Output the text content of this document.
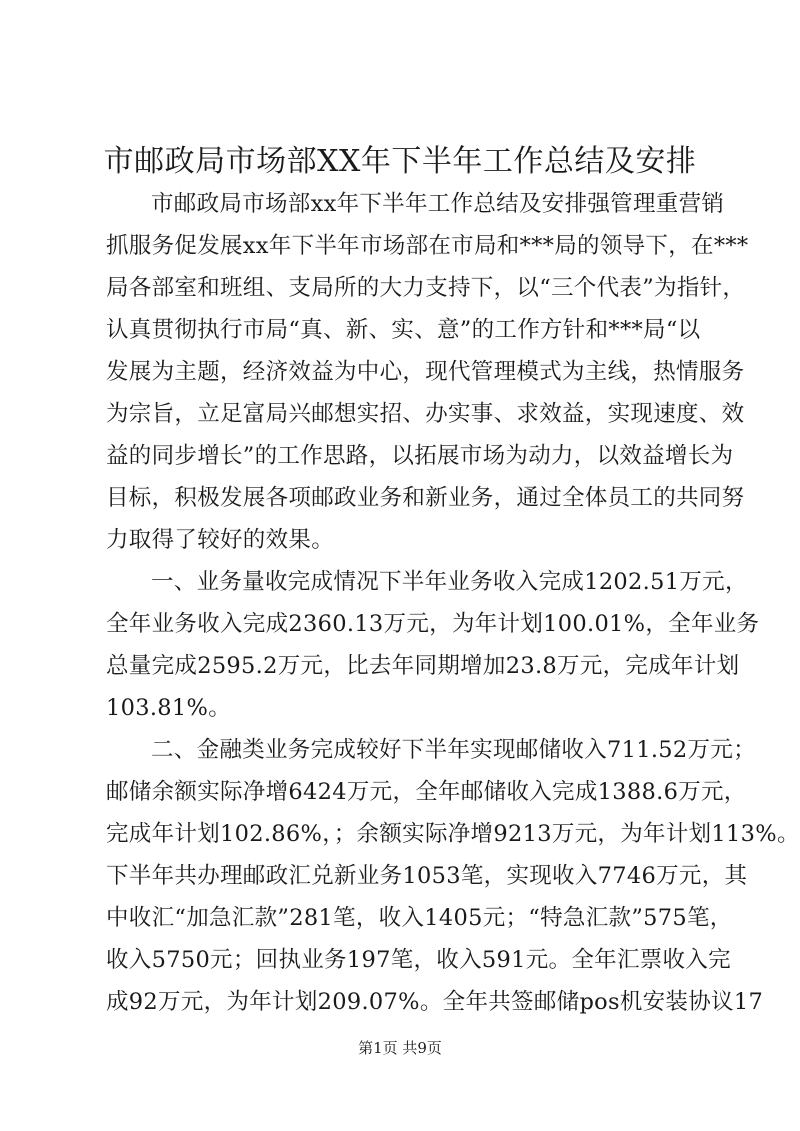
市邮政局市场部XX年下半年工作总结及安排
市邮政局市场部xx年下半年工作总结及安排强管理重营销
抓服务促发展xx年下半年市场部在市局和***局的领导下，在***
局各部室和班组、支局所的大力支持下，以“三个代表”为指针，
认真贯彻执行市局“真、新、实、意”的工作方针和***局“以
发展为主题，经济效益为中心，现代管理模式为主线，热情服务
为宗旨，立足富局兴邮想实招、办实事、求效益，实现速度、效
益的同步增长”的工作思路，以拓展市场为动力，以效益增长为
目标，积极发展各项邮政业务和新业务，通过全体员工的共同努
力取得了较好的效果。
一、业务量收完成情况下半年业务收入完成1202.51万元，
全年业务收入完成2360.13万元，为年计划100.01%，全年业务
总量完成2595.2万元，比去年同期增加23.8万元，完成年计划
103.81%。
二、金融类业务完成较好下半年实现邮储收入711.52万元；
邮储余额实际净增6424万元，全年邮储收入完成1388.6万元，
完成年计划102.86%，；余额实际净增9213万元，为年计划113%。
下半年共办理邮政汇兑新业务1053笔，实现收入7746万元，其
中收汇“加急汇款”281笔，收入1405元；“特急汇款”575笔，
收入5750元；回执业务197笔，收入591元。全年汇票收入完
成92万元，为年计划209.07%。全年共签邮储pos机安装协议17
第1页 共9页
